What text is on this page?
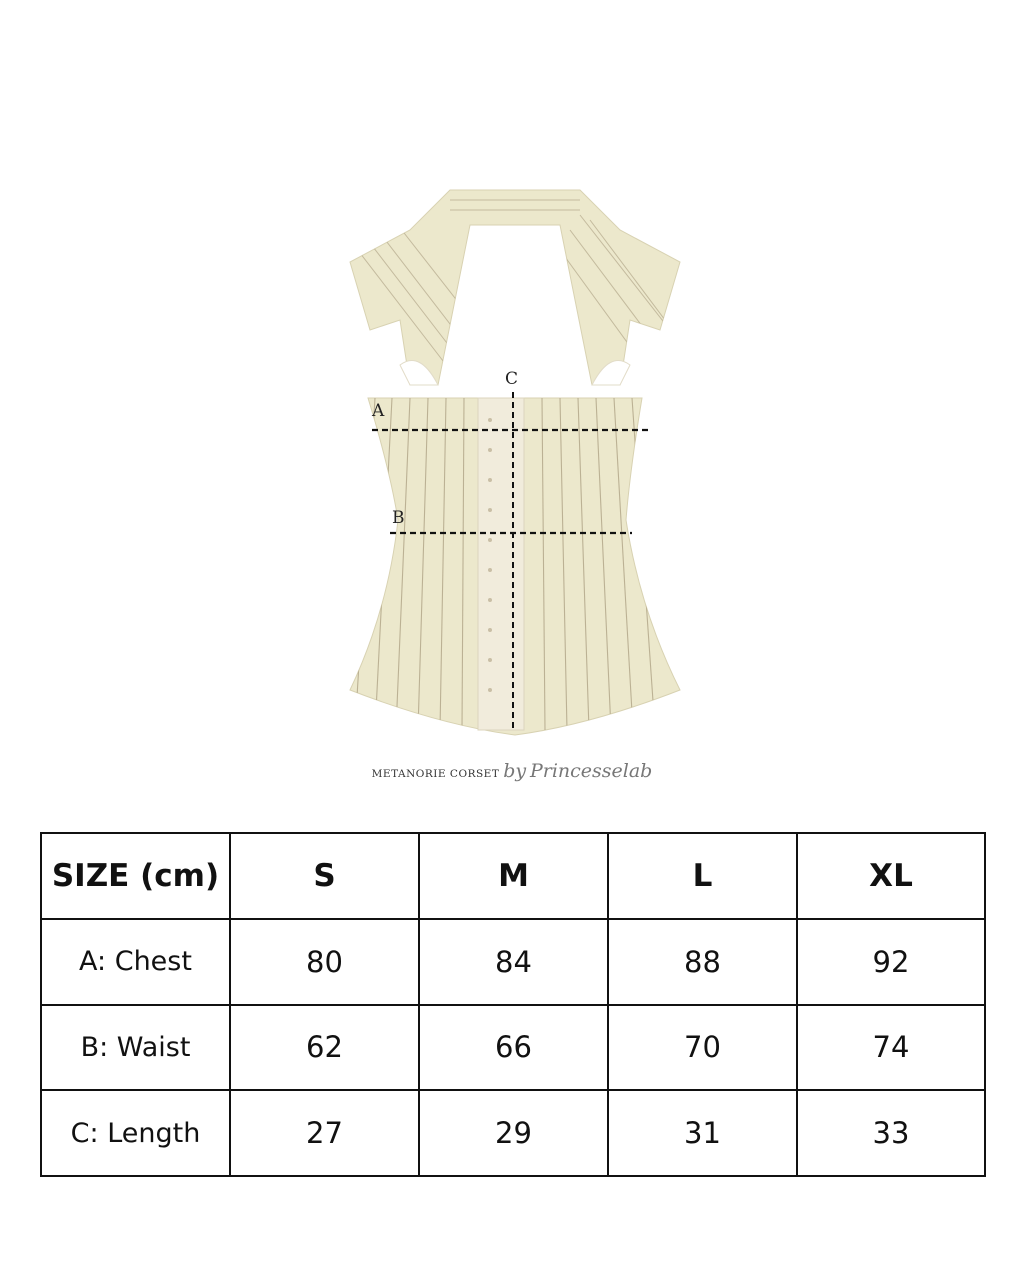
A
B
C
METANORIE CORSET by Princesselab
SIZE (cm)	S	M	L	XL
A: Chest	80	84	88	92
B: Waist	62	66	70	74
C: Length	27	29	31	33
